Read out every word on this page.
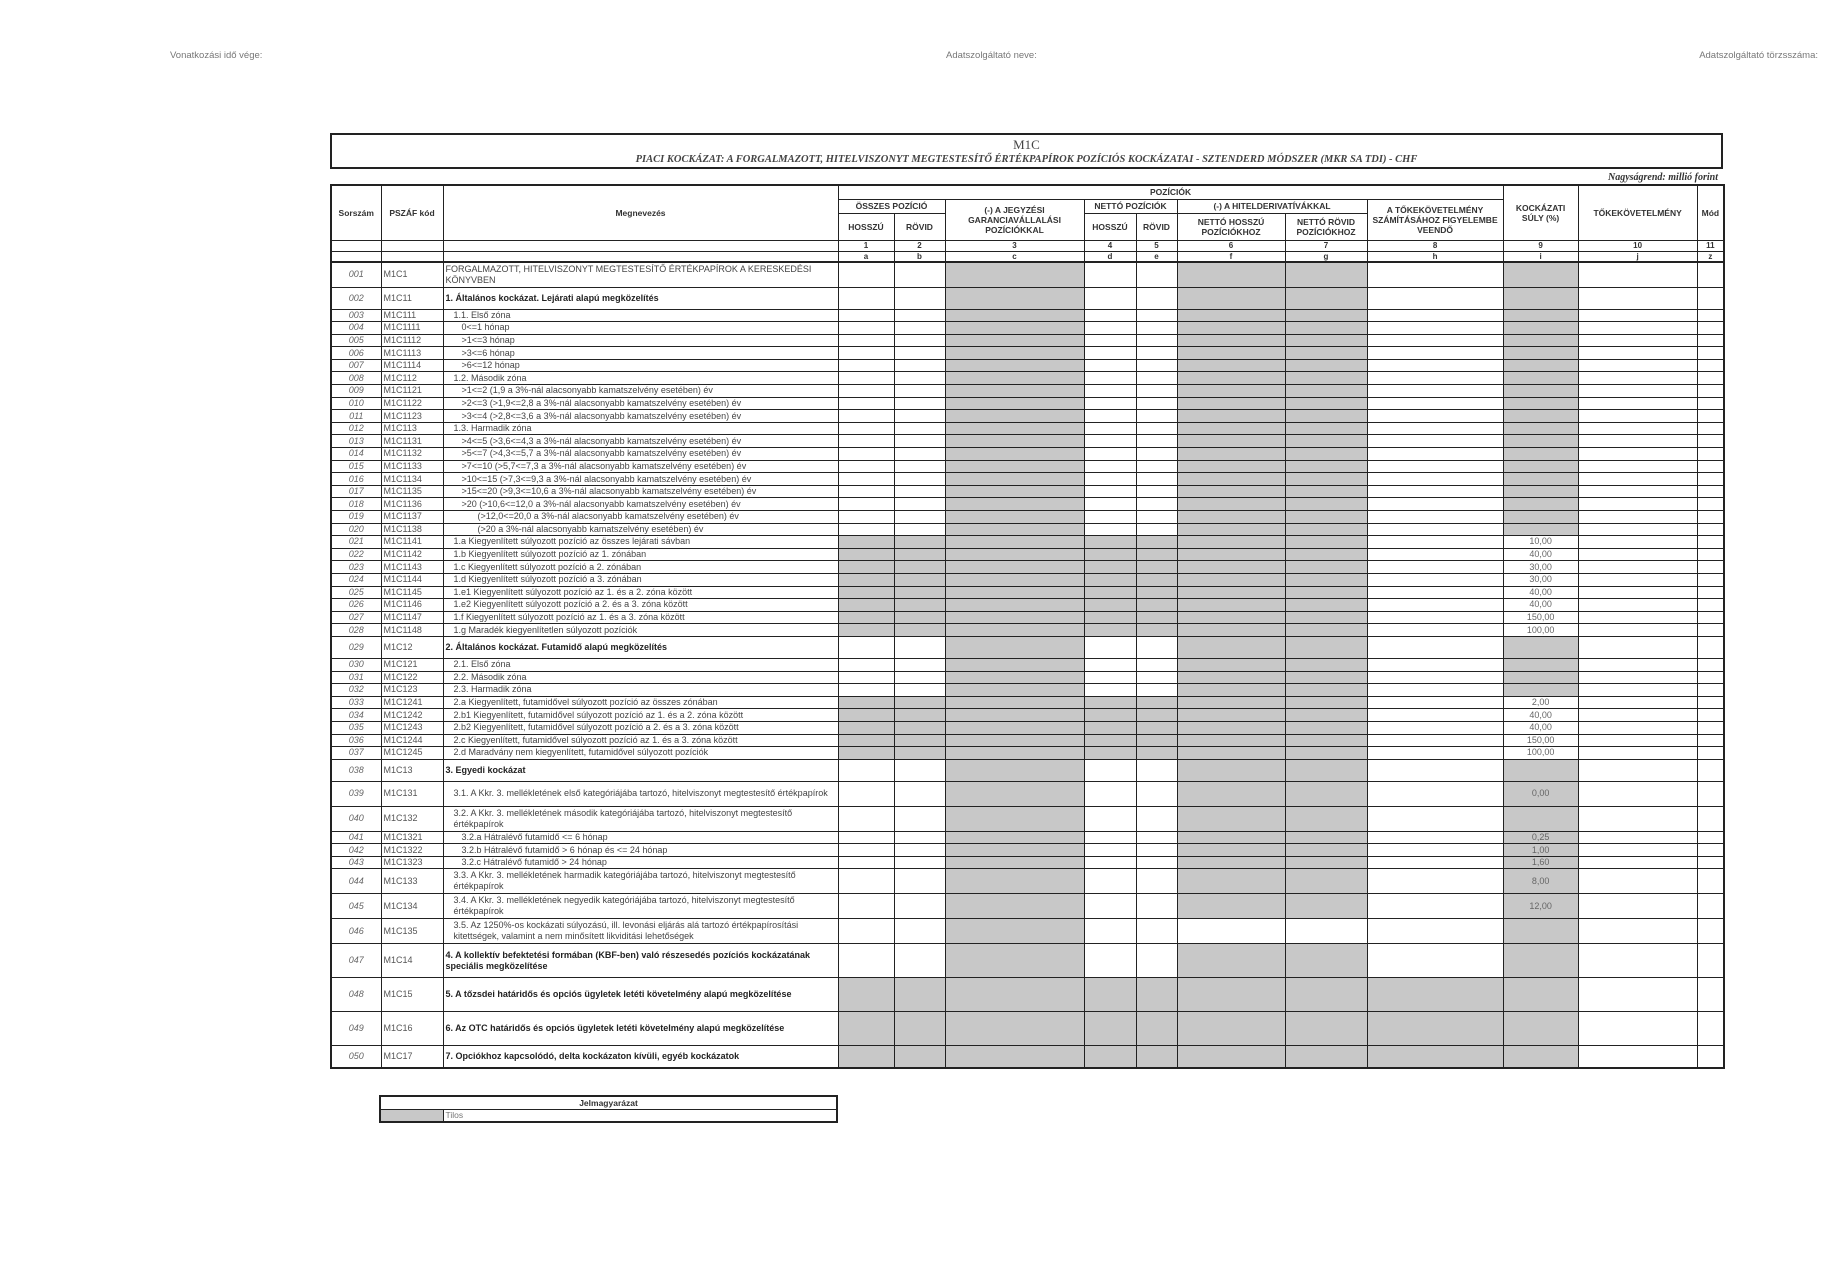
Vonatkozási idő vége:	Adatszolgáltató neve:	Adatszolgáltató törzsszáma:
M1C
PIACI KOCKÁZAT: A FORGALMAZOTT, HITELVISZONYT MEGTESTESÍTŐ ÉRTÉKPAPÍROK POZÍCIÓS KOCKÁZATAI - SZTENDERD MÓDSZER (MKR SA TDI) - CHF
Nagyságrend: millió forint
Sorszám	PSZÁF kód	Megnevezés	POZÍCIÓK								KOCKÁZATI SÚLY (%)	TŐKEKÖVETELMÉNY	Mód
			ÖSSZES POZÍCIÓ		(-) A JEGYZÉSI GARANCIAVÁLLALÁSI POZÍCIÓKKAL	NETTÓ POZÍCIÓK		(-) A HITELDERIVATÍVÁKKAL		A TŐKEKÖVETELMÉNY SZÁMÍTÁSÁHOZ FIGYELEMBE VEENDŐ			
			HOSSZÚ	RÖVID		HOSSZÚ	RÖVID	NETTÓ HOSSZÚ POZÍCIÓKHOZ	NETTÓ RÖVID POZÍCIÓKHOZ				
			1	2	3	4	5	6	7	8	9	10	11
			a	b	c	d	e	f	g	h	i	j	z
001	M1C1	FORGALMAZOTT, HITELVISZONYT MEGTESTESÍTŐ ÉRTÉKPAPÍROK A KERESKEDÉSI KÖNYVBEN											
002	M1C11	1. Általános kockázat. Lejárati alapú megközelítés											
003	M1C111	1.1. Első zóna											
004	M1C1111	0<=1 hónap											
005	M1C1112	>1<=3 hónap											
006	M1C1113	>3<=6 hónap											
007	M1C1114	>6<=12 hónap											
008	M1C112	1.2. Második zóna											
009	M1C1121	>1<=2 (1,9 a 3%-nál alacsonyabb kamatszelvény esetében) év											
010	M1C1122	>2<=3 (>1,9<=2,8 a 3%-nál alacsonyabb kamatszelvény esetében) év											
011	M1C1123	>3<=4 (>2,8<=3,6 a 3%-nál alacsonyabb kamatszelvény esetében) év											
012	M1C113	1.3. Harmadik zóna											
013	M1C1131	>4<=5 (>3,6<=4,3 a 3%-nál alacsonyabb kamatszelvény esetében) év											
014	M1C1132	>5<=7 (>4,3<=5,7 a 3%-nál alacsonyabb kamatszelvény esetében) év											
015	M1C1133	>7<=10 (>5,7<=7,3 a 3%-nál alacsonyabb kamatszelvény esetében) év											
016	M1C1134	>10<=15 (>7,3<=9,3 a 3%-nál alacsonyabb kamatszelvény esetében) év											
017	M1C1135	>15<=20 (>9,3<=10,6 a 3%-nál alacsonyabb kamatszelvény esetében) év											
018	M1C1136	>20 (>10,6<=12,0 a 3%-nál alacsonyabb kamatszelvény esetében) év											
019	M1C1137	(>12,0<=20,0 a 3%-nál alacsonyabb kamatszelvény esetében) év											
020	M1C1138	(>20 a 3%-nál alacsonyabb kamatszelvény esetében) év											
021	M1C1141	1.a Kiegyenlített súlyozott pozíció az összes lejárati sávban									10,00		
022	M1C1142	1.b Kiegyenlített súlyozott pozíció az 1. zónában									40,00		
023	M1C1143	1.c Kiegyenlített súlyozott pozíció a 2. zónában									30,00		
024	M1C1144	1.d Kiegyenlített súlyozott pozíció a 3. zónában									30,00		
025	M1C1145	1.e1 Kiegyenlített súlyozott pozíció az 1. és a 2. zóna között									40,00		
026	M1C1146	1.e2 Kiegyenlített súlyozott pozíció a 2. és a 3. zóna között									40,00		
027	M1C1147	1.f Kiegyenlített súlyozott pozíció az 1. és a 3. zóna között									150,00		
028	M1C1148	1.g Maradék kiegyenlítetlen súlyozott pozíciók									100,00		
029	M1C12	2. Általános kockázat. Futamidő alapú megközelítés											
030	M1C121	2.1. Első zóna											
031	M1C122	2.2. Második zóna											
032	M1C123	2.3. Harmadik zóna											
033	M1C1241	2.a Kiegyenlített, futamidővel súlyozott pozíció az összes zónában									2,00		
034	M1C1242	2.b1 Kiegyenlített, futamidővel súlyozott pozíció az 1. és a 2. zóna között									40,00		
035	M1C1243	2.b2 Kiegyenlített, futamidővel súlyozott pozíció a 2. és a 3. zóna között									40,00		
036	M1C1244	2.c Kiegyenlített, futamidővel súlyozott pozíció az 1. és a 3. zóna között									150,00		
037	M1C1245	2.d Maradvány nem kiegyenlített, futamidővel súlyozott pozíciók									100,00		
038	M1C13	3. Egyedi kockázat											
039	M1C131	3.1. A Kkr. 3. mellékletének első kategóriájába tartozó, hitelviszonyt megtestesítő értékpapírok									0,00		
040	M1C132	3.2. A Kkr. 3. mellékletének második kategóriájába tartozó, hitelviszonyt megtestesítő értékpapírok											
041	M1C1321	3.2.a Hátralévő futamidő <= 6 hónap									0,25		
042	M1C1322	3.2.b Hátralévő futamidő > 6 hónap és <= 24 hónap									1,00		
043	M1C1323	3.2.c Hátralévő futamidő > 24 hónap									1,60		
044	M1C133	3.3. A Kkr. 3. mellékletének harmadik kategóriájába tartozó, hitelviszonyt megtestesítő értékpapírok									8,00		
045	M1C134	3.4. A Kkr. 3. mellékletének negyedik kategóriájába tartozó, hitelviszonyt megtestesítő értékpapírok									12,00		
046	M1C135	3.5. Az 1250%-os kockázati súlyozású, ill. levonási eljárás alá tartozó értékpapírosítási kitettségek, valamint a nem minősített likviditási lehetőségek											
047	M1C14	4. A kollektív befektetési formában (KBF-ben) való részesedés pozíciós kockázatának speciális megközelítése											
048	M1C15	5. A tőzsdei határidős és opciós ügyletek letéti követelmény alapú megközelítése											
049	M1C16	6. Az OTC határidős és opciós ügyletek letéti követelmény alapú megközelítése											
050	M1C17	7. Opciókhoz kapcsolódó, delta kockázaton kívüli, egyéb kockázatok											
Jelmagyarázat
	Tilos
